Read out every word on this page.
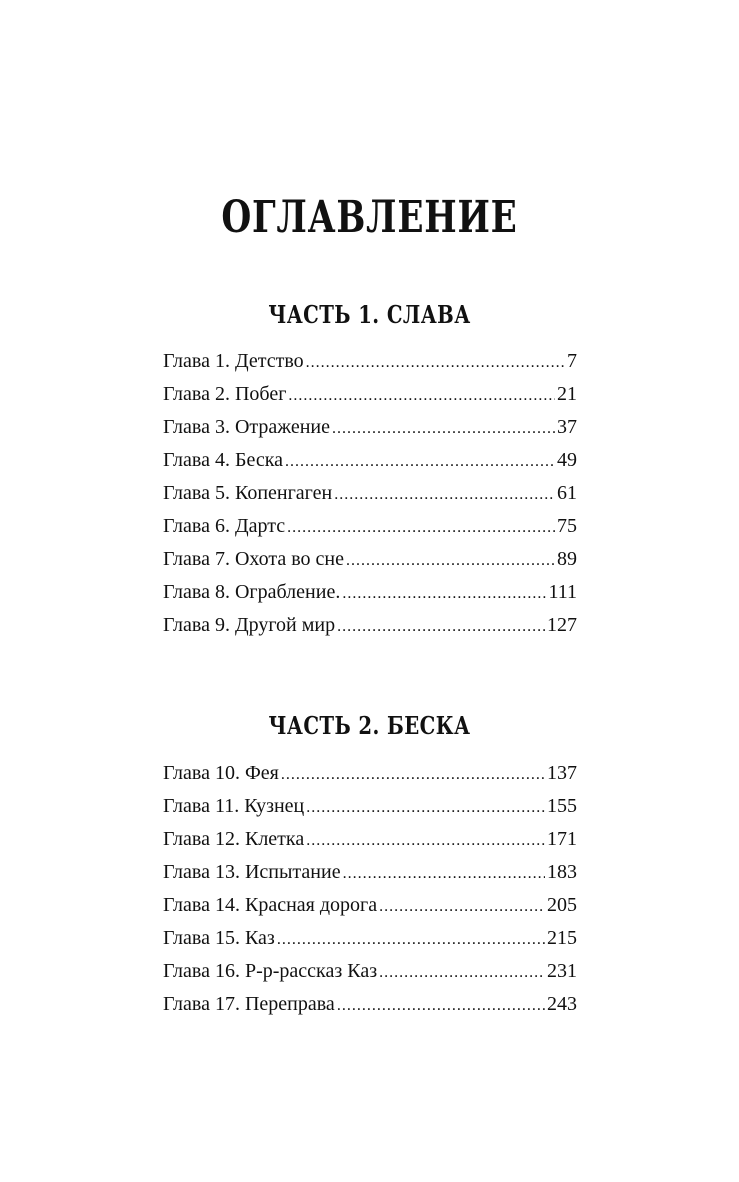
ОГЛАВЛЕНИЕ
ЧАСТЬ 1. СЛАВА
Глава 1. Детство .....	7
Глава 2. Побег .....	21
Глава 3. Отражение .....	37
Глава 4. Беска .....	49
Глава 5. Копенгаген .....	61
Глава 6. Дартс .....	75
Глава 7. Охота во сне .....	89
Глава 8. Ограбление. .....	111
Глава 9. Другой мир .....	127
ЧАСТЬ 2. БЕСКА
Глава 10. Фея .....	137
Глава 11. Кузнец .....	155
Глава 12. Клетка .....	171
Глава 13. Испытание .....	183
Глава 14. Красная дорога .....	205
Глава 15. Каз .....	215
Глава 16. Р-р-рассказ Каз .....	231
Глава 17. Переправа .....	243
